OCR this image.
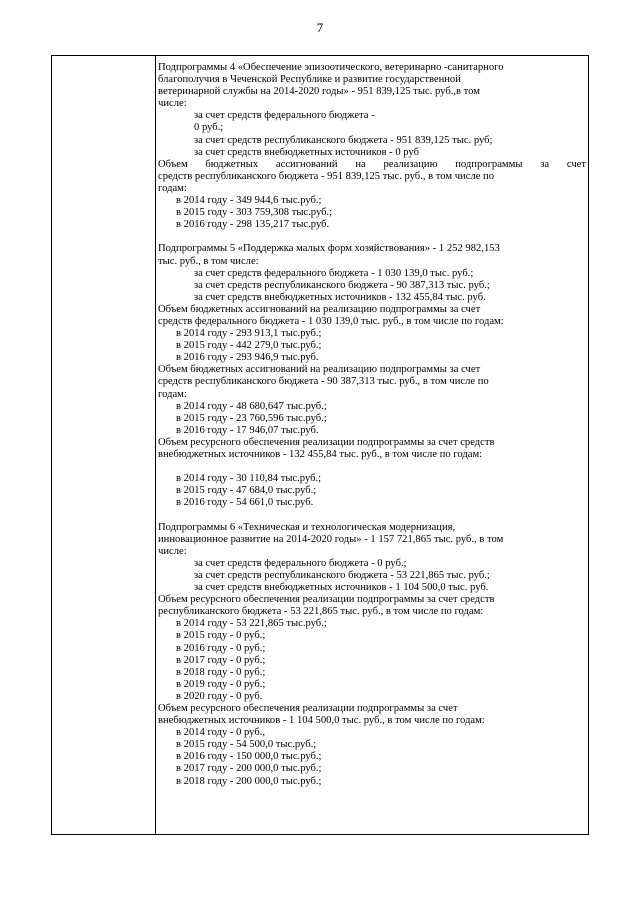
7
Подпрограммы 4 «Обеспечение эпизоотического, ветеринарно -санитарного
благополучия в Чеченской Республике и развитие государственной
ветеринарной службы на 2014-2020 годы» - 951 839,125 тыс. руб.,в том
числе:
за счет средств федерального бюджета -
0 руб.;
за счет средств республиканского бюджета - 951 839,125 тыс. руб;
за счет средств внебюджетных источников - 0 руб
Объем бюджетных ассигнований на реализацию подпрограммы за счет
средств республиканского бюджета - 951 839,125 тыс. руб., в том числе по
годам:
в 2014 году - 349 944,6 тыс.руб.;
в 2015 году - 303 759,308 тыс.руб.;
в 2016 году - 298 135,217 тыс.руб.
Подпрограммы 5 «Поддержка малых форм хозяйствования» - 1 252 982,153
тыс. руб., в том числе:
за счет средств федерального бюджета - 1 030 139,0 тыс. руб.;
за счет средств республиканского бюджета - 90 387,313 тыс. руб.;
за счет средств внебюджетных источников - 132 455,84 тыс. руб.
Объем бюджетных ассигнований на реализацию подпрограммы за счет
средств федерального бюджета - 1 030 139,0 тыс. руб., в том числе по годам:
в 2014 году - 293 913,1 тыс.руб.;
в 2015 году - 442 279,0 тыс.руб.;
в 2016 году - 293 946,9 тыс.руб.
Объем бюджетных ассигнований на реализацию подпрограммы за счет
средств республиканского бюджета - 90 387,313 тыс. руб., в том числе по
годам:
в 2014 году - 48 680,647 тыс.руб.;
в 2015 году - 23 760,596 тыс.руб.;
в 2016 году - 17 946,07 тыс.руб.
Объем ресурсного обеспечения реализации подпрограммы за счет средств
внебюджетных источников - 132 455,84 тыс. руб., в том числе по годам:
в 2014 году - 30 110,84 тыс.руб.;
в 2015 году - 47 684,0 тыс.руб.;
в 2016 году - 54 661,0 тыс.руб.
Подпрограммы 6 «Техническая и технологическая модернизация,
инновационное развитие на 2014-2020 годы» - 1 157 721,865 тыс. руб., в том
числе:
за счет средств федерального бюджета - 0 руб.;
за счет средств республиканского бюджета - 53 221,865 тыс. руб.;
за счет средств внебюджетных источников - 1 104 500,0 тыс. руб.
Объем ресурсного обеспечения реализации подпрограммы за счет средств
республиканского бюджета - 53 221,865 тыс. руб., в том числе по годам:
в 2014 году - 53 221,865 тыс.руб.;
в 2015 году - 0 руб.;
в 2016 году - 0 руб.;
в 2017 году - 0 руб.;
в 2018 году - 0 руб.;
в 2019 году - 0 руб.;
в 2020 году - 0 руб.
Объем ресурсного обеспечения реализации подпрограммы за счет
внебюджетных источников - 1 104 500,0 тыс. руб., в том числе по годам:
в 2014 году - 0 руб.,
в 2015 году - 54 500,0 тыс.руб.;
в 2016 году - 150 000,0 тыс.руб.;
в 2017 году - 200 000,0 тыс.руб.;
в 2018 году - 200 000,0 тыс.руб.;
